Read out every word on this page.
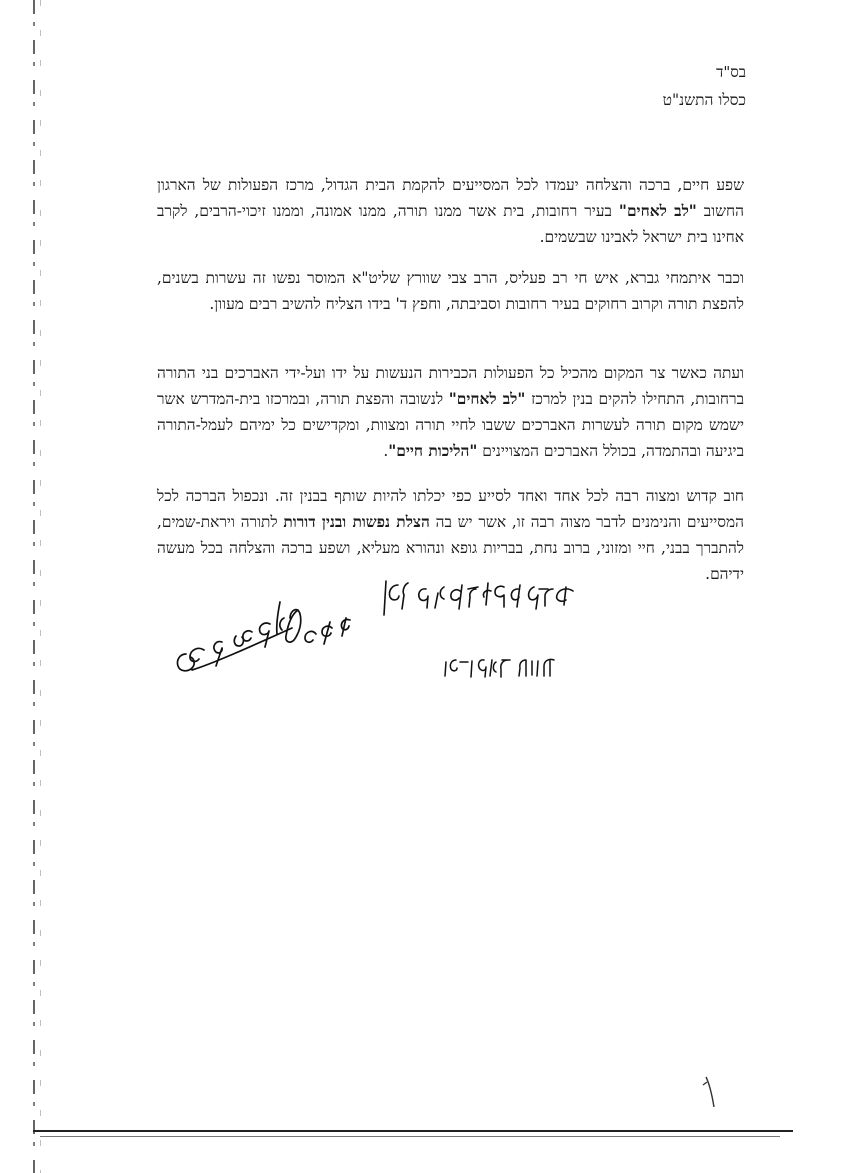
בס"ד
כסלו התשנ"ט
שפע חיים, ברכה והצלחה יעמדו לכל המסייעים להקמת הבית הגדול, מרכז הפעולות של הארגון החשוב "לב לאחים" בעיר רחובות, בית אשר ממנו תורה, ממנו אמונה, וממנו זיכוי-הרבים, לקרב אחינו בית ישראל לאבינו שבשמים.
וכבר איתמחי גברא, איש חי רב פעליס, הרב צבי שוורץ שליט"א המוסר נפשו זה עשרות בשנים, להפצת תורה וקרוב רחוקים בעיר רחובות וסביבתה, וחפץ ד' בידו הצליח להשיב רבים מעוון.
ועתה כאשר צר המקום מהכיל כל הפעולות הכבירות הנעשות על ידו ועל-ידי האברכים בני התורה ברחובות, התחילו להקים בנין למרכז "לב לאחים" לנשובה והפצת תורה, ובמרכזו בית-המדרש אשר ישמש מקום תורה לעשרות האברכים ששבו לחיי תורה ומצוות, ומקדישים כל ימיהם לעמל-התורה ביגיעה ובהתמדה, בכולל האברכים המצויינים "הליכות חיים".
חוב קדוש ומצוה רבה לכל אחד ואחד לסייע כפי יכלתו להיות שותף בבנין זה. ונכפול הברכה לכל המסייעים והנימנים לדבר מצוה רבה זו, אשר יש בה הצלת נפשות ובנין דורות לתורה ויראת-שמים, להתברך בבני, חיי ומזוני, ברוב נחת, בבריות גופא ונהורא מעליא, ושפע ברכה והצלחה בכל מעשה ידיהם.
